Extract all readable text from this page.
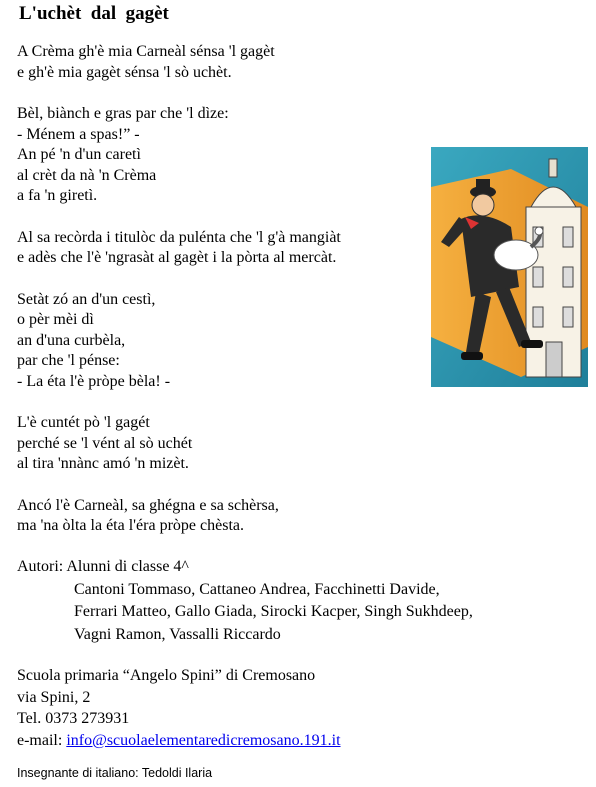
L'uchèt  dal  gagèt
A Crèma gh'è mia Carneàl sénsa 'l gagèt
e gh'è mia gagèt sénsa 'l sò uchèt.
Bèl, biànch e gras par che 'l dìze:
- Ménem a spas!” -
An pé 'n d'un caretì
al crèt da nà 'n Crèma
a fa 'n giretì.
Al sa recòrda i titulòc da pulénta che 'l g'à mangiàt
e adès che l'è 'ngrasàt al gagèt i la pòrta al mercàt.
Setàt zó an d'un cestì,
o pèr mèi dì
an d'una curbèla,
par che 'l pénse:
- La éta l'è pròpe bèla! -
L'è cuntét pò 'l gagét
perché se 'l vént al sò uchét
al tira 'nnànc amó 'n mizèt.
Ancó l'è Carneàl, sa ghégna e sa schèrsa,
ma 'na òlta la éta l'éra pròpe chèsta.
Autori: Alunni di classe 4^
Cantoni Tommaso, Cattaneo Andrea, Facchinetti Davide,
Ferrari Matteo, Gallo Giada, Sirocki Kacper, Singh Sukhdeep,
Vagni Ramon, Vassalli Riccardo
Scuola primaria “Angelo Spini” di Cremosano
via Spini, 2
Tel. 0373 273931
e-mail: info@scuolaelementaredicremosano.191.it
Insegnante di italiano: Tedoldi Ilaria
